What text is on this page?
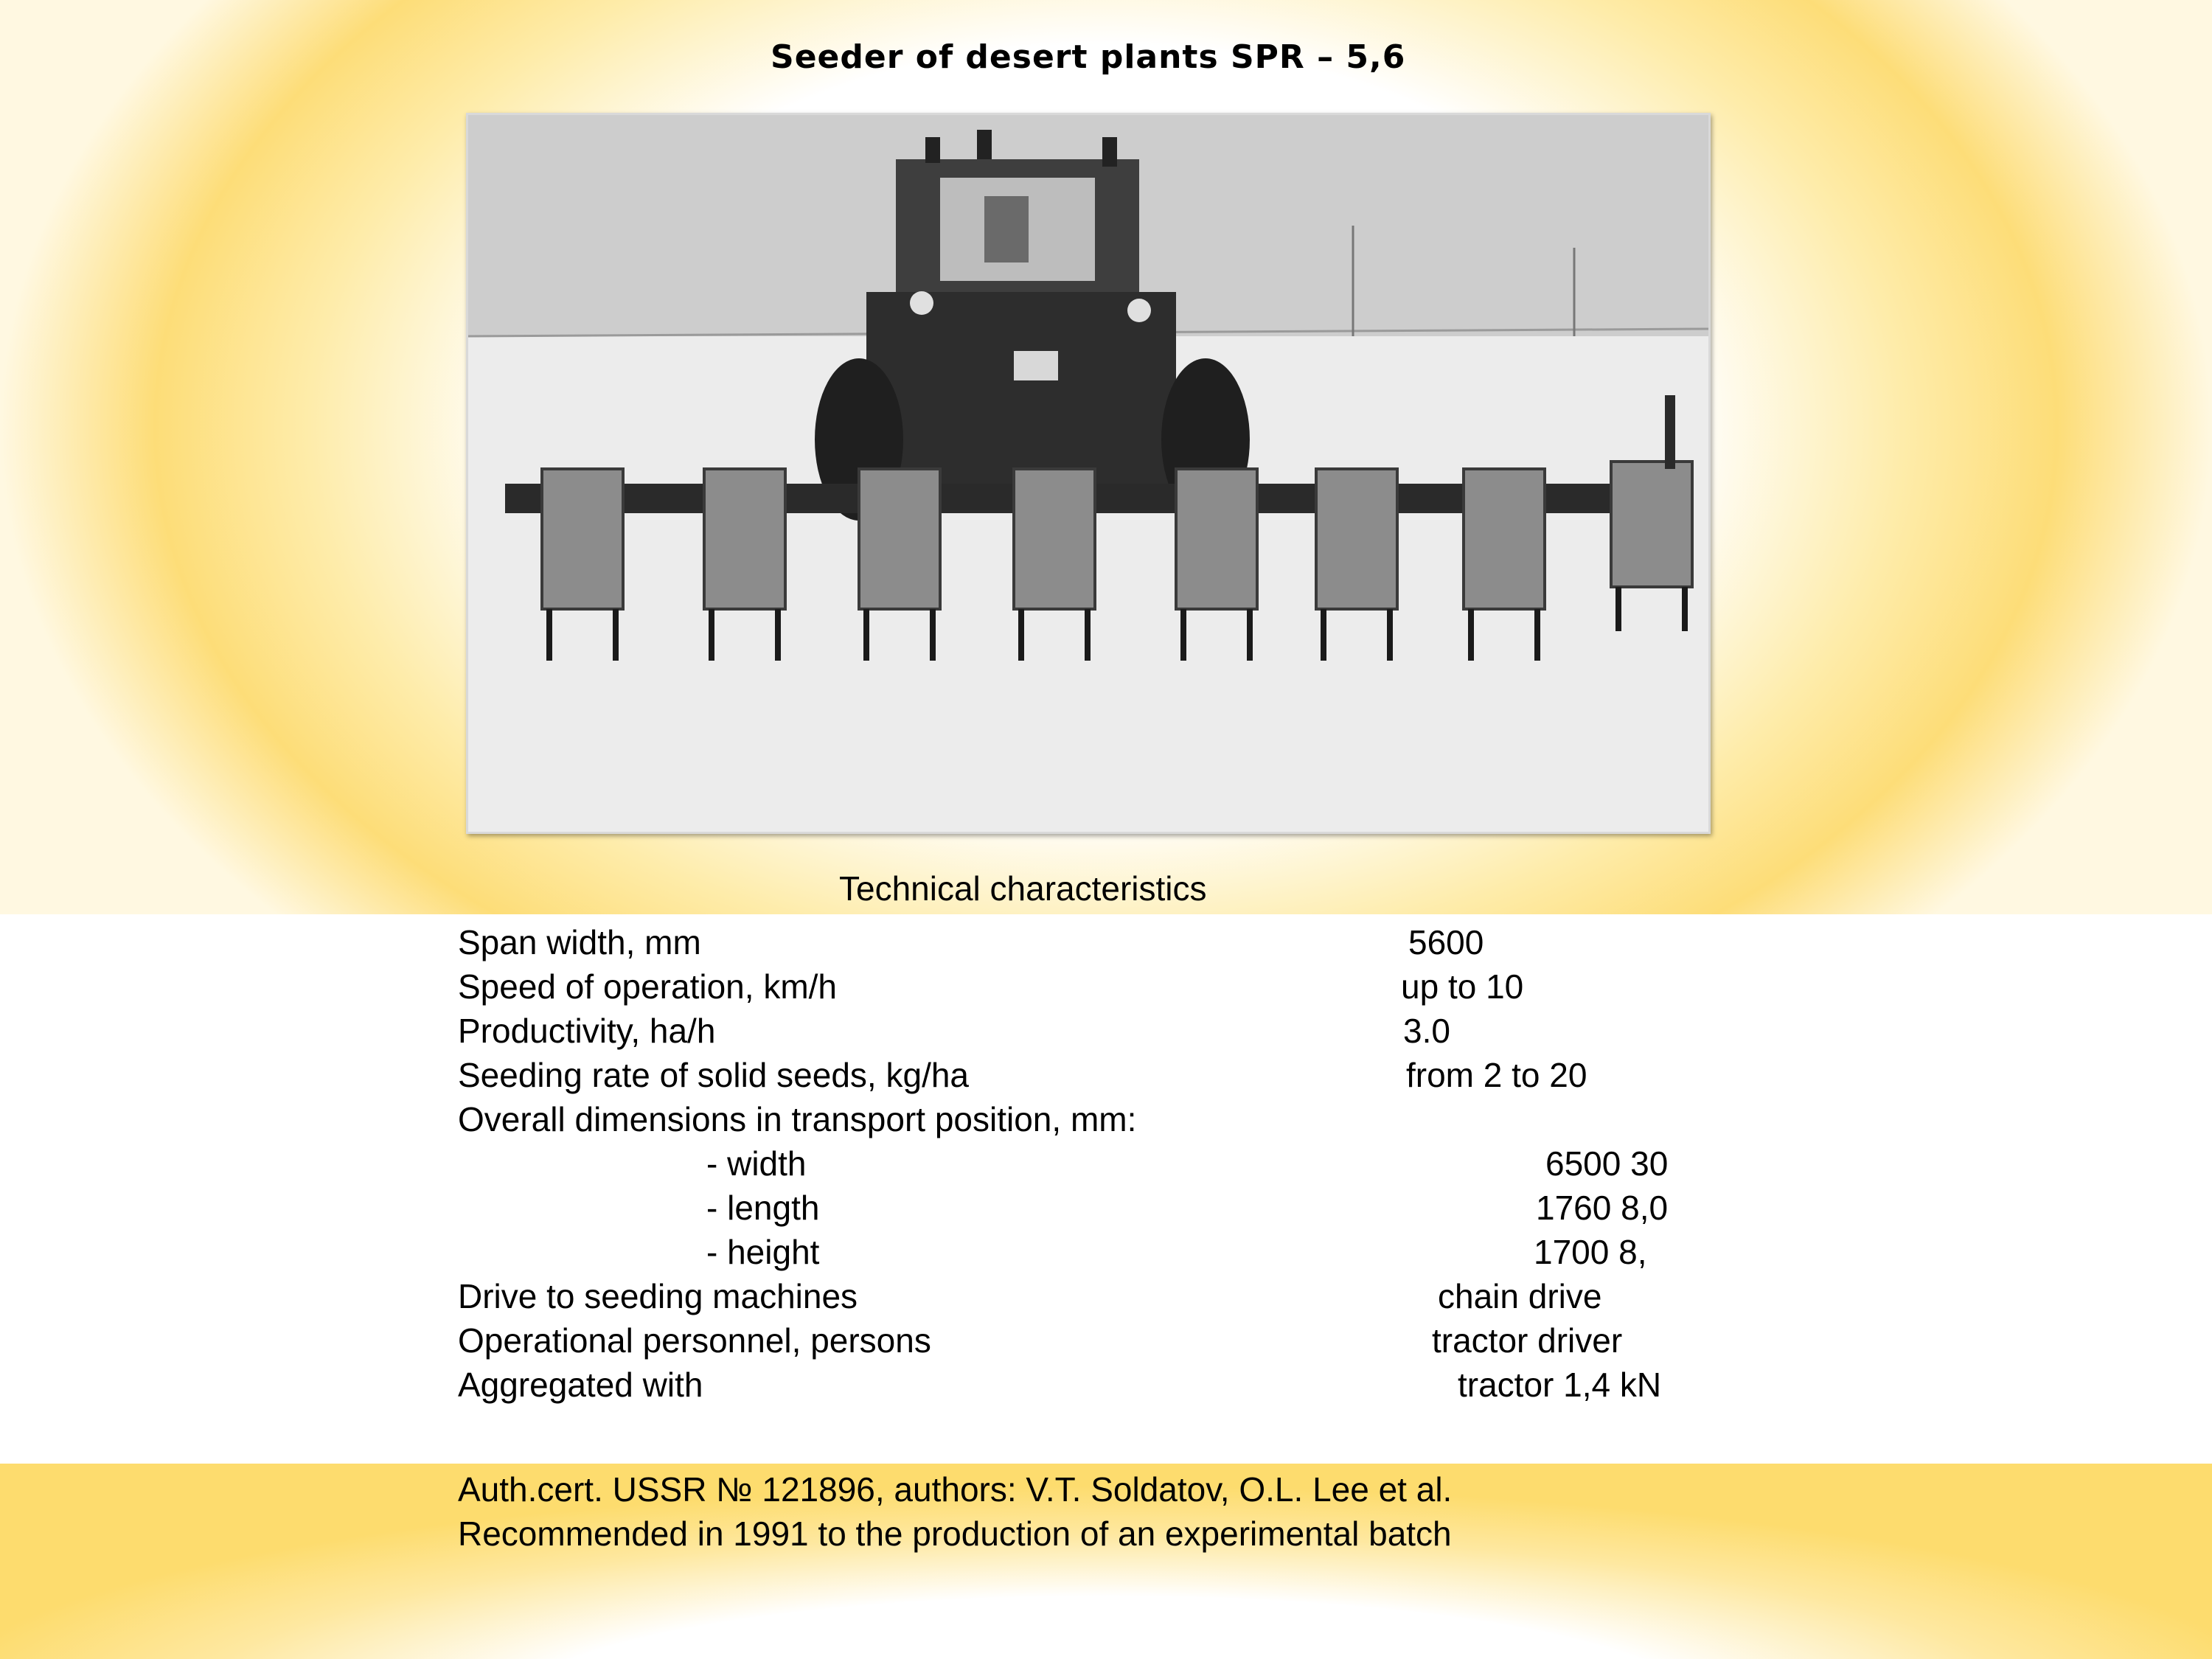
Seeder of desert plants SPR – 5,6
Technical characteristics
Span width, mm	5600
Speed of operation, km/h	up to 10
Productivity, ha/h	3.0
Seeding rate of solid seeds, kg/ha	from 2 to 20
Overall dimensions in transport position, mm:
- width	6500 30
- length	1760 8,0
- height	1700 8,
Drive to seeding machines	chain drive
Operational personnel, persons	tractor driver
Aggregated with	tractor 1,4 kN
Auth.cert. USSR № 121896, authors: V.T. Soldatov, O.L. Lee et al. Recommended in 1991 to the production of an experimental batch
